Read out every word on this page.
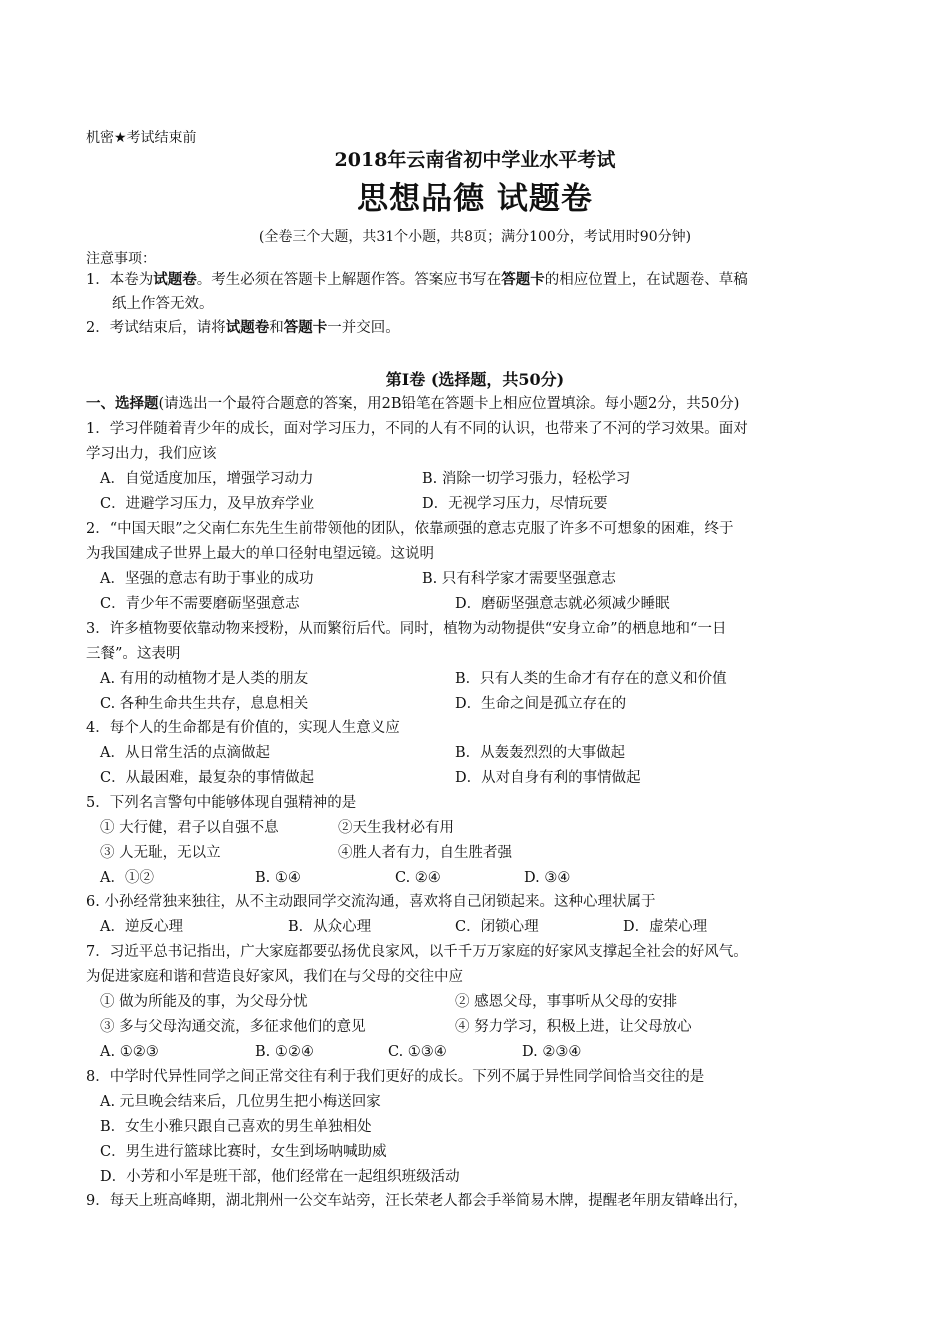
机密★考试结束前
2018年云南省初中学业水平考试
思想品德 试题卷
(全卷三个大题，共31个小题，共8页；满分100分，考试用时90分钟)
注意事项：
1．本卷为试题卷。考生必须在答题卡上解题作答。答案应书写在答题卡的相应位置上，在试题卷、草稿
纸上作答无效。
2．考试结束后，请将试题卷和答题卡一并交回。
第Ⅰ卷 (选择题，共50分)
一、选择题(请选出一个最符合题意的答案，用2B铅笔在答题卡上相应位置填涂。每小题2分，共50分)
1．学习伴随着青少年的成长，面对学习压力，不同的人有不同的认识，也带来了不河的学习效果。面对
学习出力，我们应该
A．自觉适度加压，增强学习动力	B. 消除一切学习張力，轻松学习
C．进避学习压力，及早放弃学业	D．无视学习压力，尽情玩要
2．“中国天眼”之父南仁东先生生前带领他的团队，依靠顽强的意志克服了许多不可想象的困难，终于
为我国建成子世界上最大的单口径射电望远镜。这说明
A．坚强的意志有助于事业的成功	B. 只有科学家才需要坚强意志
C．青少年不需要磨砺坚强意志	D．磨砺坚强意志就必须减少睡眠
3．许多植物要依靠动物来授粉，从而繁衍后代。同时，植物为动物提供“安身立命”的栖息地和“一日
三餐”。这表明
A. 有用的动植物才是人类的朋友	B．只有人类的生命才有存在的意义和价值
C. 各种生命共生共存，息息相关	D．生命之间是孤立存在的
4．每个人的生命都是有价值的，实现人生意义应
A．从日常生活的点滴做起	B．从轰轰烈烈的大事做起
C．从最困难，最复杂的事情做起	D．从对自身有利的事情做起
5．下列名言警句中能够体现自强精神的是
① 大行健，君子以自强不息	②天生我材必有用
③ 人无耻，无以立	④胜人者有力，自生胜者强
A．①②	B. ①④	C. ②④	D. ③④
6. 小孙经常独来独往，从不主动跟同学交流沟通，喜欢将自己闭锁起来。这种心理状属于
A．逆反心理	B．从众心理	C．闭锁心理	D．虚荣心理
7．习近平总书记指出，广大家庭都要弘扬优良家风，以千千万万家庭的好家风支撑起全社会的好风气。
为促进家庭和谐和营造良好家风，我们在与父母的交往中应
① 做为所能及的事，为父母分忧	② 感恩父母，事事听从父母的安排
③ 多与父母沟通交流，多征求他们的意见	④ 努力学习，积极上进，让父母放心
A. ①②③	B. ①②④	C. ①③④	D. ②③④
8．中学时代异性同学之间正常交往有利于我们更好的成长。下列不属于异性同学间恰当交往的是
A. 元旦晚会结来后，几位男生把小梅送回家
B．女生小雅只跟自己喜欢的男生单独相处
C．男生进行篮球比赛时，女生到场呐喊助威
D．小芳和小军是班干部，他们经常在一起组织班级活动
9．每天上班高峰期，湖北荆州一公交车站旁，汪长荣老人都会手举简易木牌，提醒老年朋友错峰出行，
